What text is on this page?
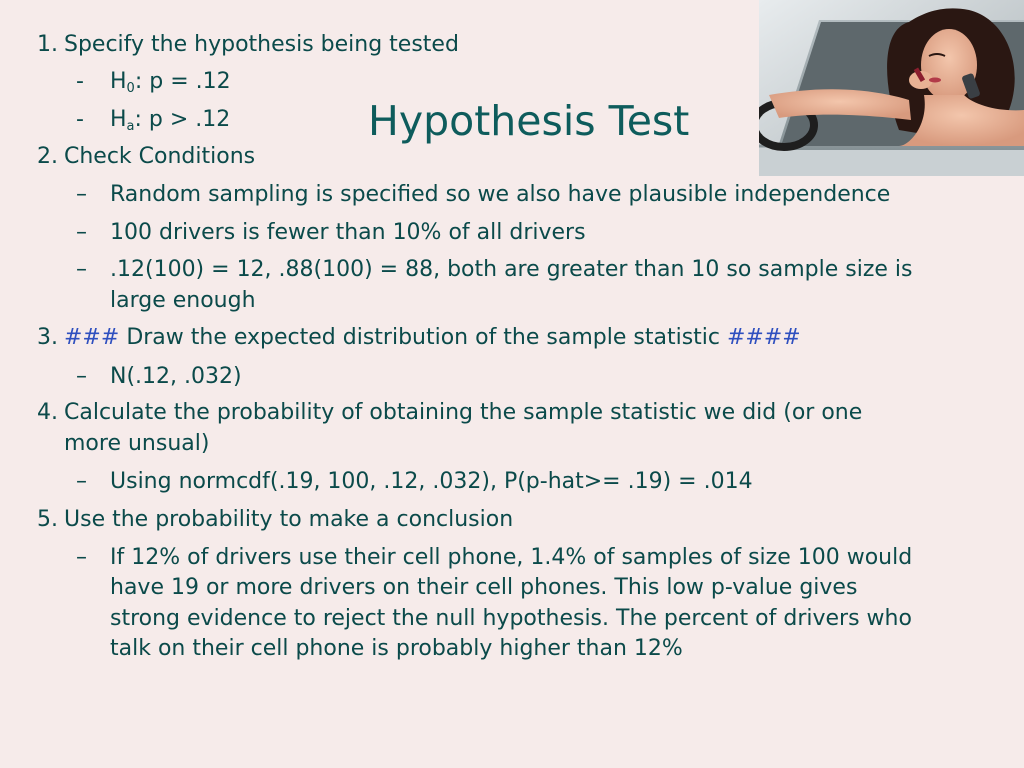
Hypothesis Test
1. Specify the hypothesis being tested
- $H_0$: p = .12
- $H_a$: p > .12
2. Check Conditions
– Random sampling is specified so we also have plausible independence
– 100 drivers is fewer than 10% of all drivers
– .12(100) = 12, .88(100) = 88, both are greater than 10 so sample size is
large enough
3. ### Draw the expected distribution of the sample statistic ####
– N(.12, .032)
4. Calculate the probability of obtaining the sample statistic we did (or one
more unsual)
– Using normcdf(.19, 100, .12, .032), P(p-hat>= .19) = .014
5. Use the probability to make a conclusion
– If 12% of drivers use their cell phone, 1.4% of samples of size 100 would
have 19 or more drivers on their cell phones. This low p-value gives
strong evidence to reject the null hypothesis. The percent of drivers who
talk on their cell phone is probably higher than 12%
